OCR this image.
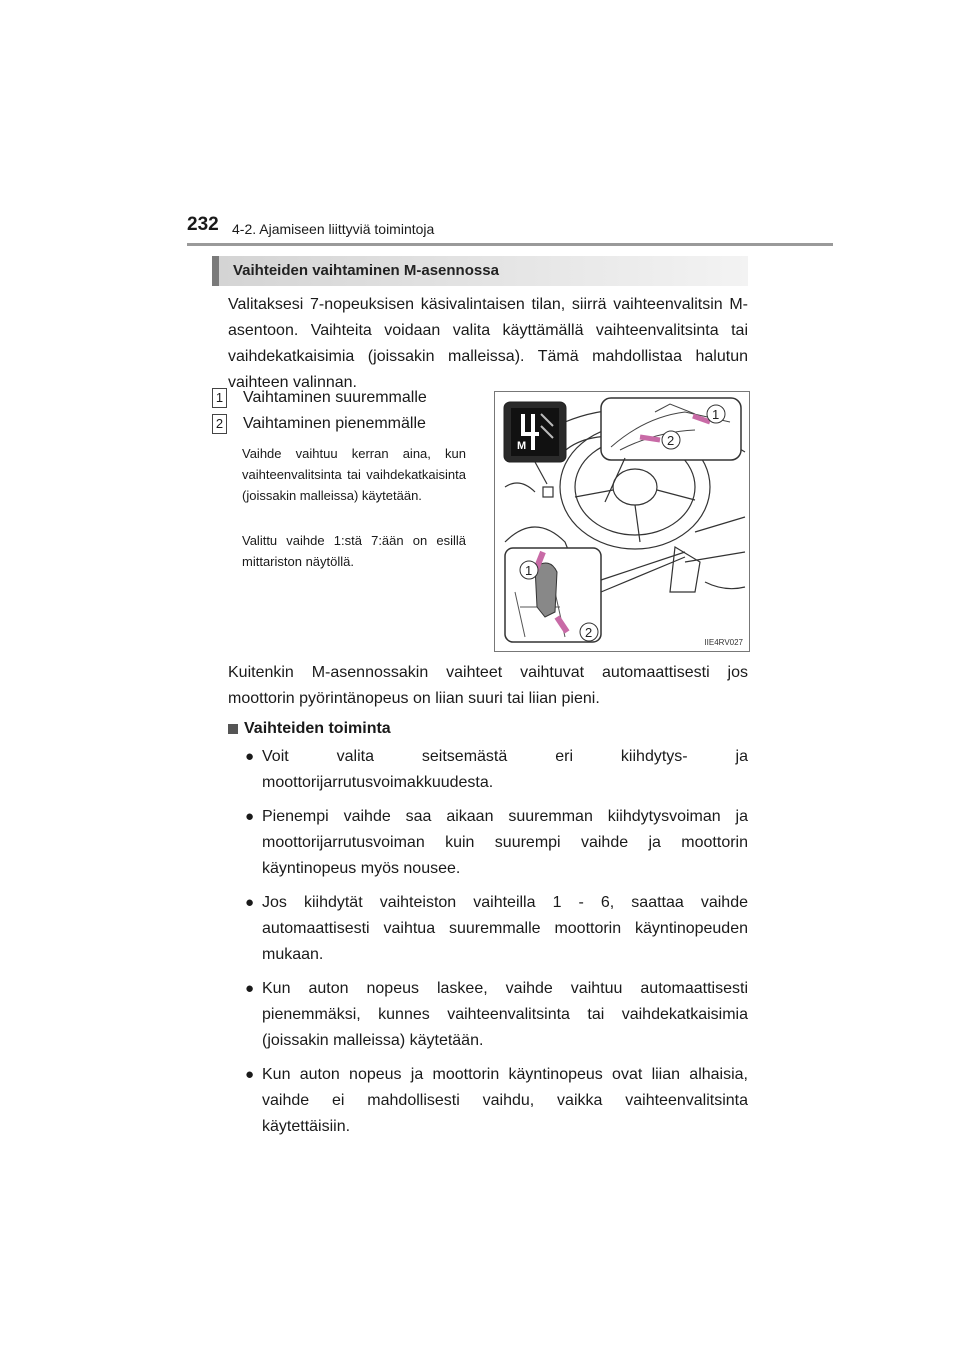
232 4-2. Ajamiseen liittyviä toimintoja
Vaihteiden vaihtaminen M-asennossa
Valitaksesi 7-nopeuksisen käsivalintaisen tilan, siirrä vaihteenvalitsin M-asentoon. Vaihteita voidaan valita käyttämällä vaihteenvalitsinta tai vaihdekatkaisimia (joissakin malleissa). Tämä mahdollistaa halutun vaihteen valinnan.
1 Vaihtaminen suuremmalle
2 Vaihtaminen pienemmälle
Vaihde vaihtuu kerran aina, kun vaihteenvalitsinta tai vaihdekatkaisinta (joissakin malleissa) käytetään.
Valittu vaihde 1:stä 7:ään on esillä mittariston näytöllä.
M
1
2
1
2
IIE4RV027
Kuitenkin M-asennossakin vaihteet vaihtuvat automaattisesti jos moottorin pyörintänopeus on liian suuri tai liian pieni.
Vaihteiden toiminta
● Voit valita seitsemästä eri kiihdytys- ja moottorijarrutusvoimakkuudesta.
● Pienempi vaihde saa aikaan suuremman kiihdytysvoiman ja moottorijarrutusvoiman kuin suurempi vaihde ja moottorin käyntinopeus myös nousee.
● Jos kiihdytät vaihteiston vaihteilla 1 - 6, saattaa vaihde automaattisesti vaihtua suuremmalle moottorin käyntinopeuden mukaan.
● Kun auton nopeus laskee, vaihde vaihtuu automaattisesti pienemmäksi, kunnes vaihteenvalitsinta tai vaihdekatkaisimia (joissakin malleissa) käytetään.
● Kun auton nopeus ja moottorin käyntinopeus ovat liian alhaisia, vaihde ei mahdollisesti vaihdu, vaikka vaihteenvalitsinta käytettäisiin.
